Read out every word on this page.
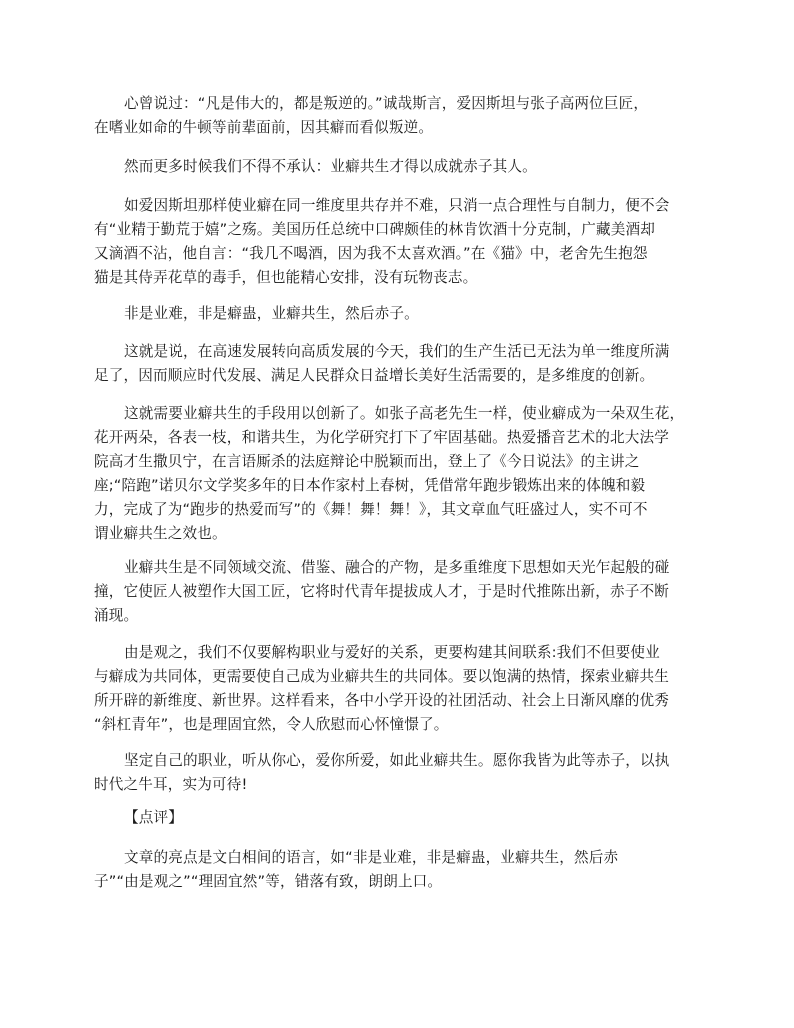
心曾说过：“凡是伟大的，都是叛逆的。”诚哉斯言，爱因斯坦与张子高两位巨匠，
在嗜业如命的牛顿等前辈面前，因其癖而看似叛逆。

然而更多时候我们不得不承认：业癖共生才得以成就赤子其人。

如爱因斯坦那样使业癖在同一维度里共存并不难，只消一点合理性与自制力，便不会
有“业精于勤荒于嬉”之殇。美国历任总统中口碑颇佳的林肯饮酒十分克制，广藏美酒却
又滴酒不沾，他自言：“我几不喝酒，因为我不太喜欢酒。”在《猫》中，老舍先生抱怨
猫是其侍弄花草的毒手，但也能精心安排，没有玩物丧志。

非是业难，非是癖蛊，业癖共生，然后赤子。

这就是说，在高速发展转向高质发展的今天，我们的生产生活已无法为单一维度所满
足了，因而顺应时代发展、满足人民群众日益增长美好生活需要的，是多维度的创新。

这就需要业癖共生的手段用以创新了。如张子高老先生一样，使业癖成为一朵双生花，
花开两朵，各表一枝，和谐共生，为化学研究打下了牢固基础。热爱播音艺术的北大法学
院高才生撒贝宁，在言语厮杀的法庭辩论中脱颖而出，登上了《今日说法》的主讲之
座;“陪跑”诺贝尔文学奖多年的日本作家村上春树，凭借常年跑步锻炼出来的体魄和毅
力，完成了为“跑步的热爱而写”的《舞！舞！舞！》，其文章血气旺盛过人，实不可不
谓业癖共生之效也。

业癖共生是不同领域交流、借鉴、融合的产物，是多重维度下思想如天光乍起般的碰
撞，它使匠人被塑作大国工匠，它将时代青年提拔成人才，于是时代推陈出新，赤子不断
涌现。

由是观之，我们不仅要解构职业与爱好的关系，更要构建其间联系:我们不但要使业
与癖成为共同体，更需要使自己成为业癖共生的共同体。要以饱满的热情，探索业癖共生
所开辟的新维度、新世界。这样看来，各中小学开设的社团活动、社会上日渐风靡的优秀
“斜杠青年”，也是理固宜然，令人欣慰而心怀憧憬了。

坚定自己的职业，听从你心，爱你所爱，如此业癖共生。愿你我皆为此等赤子，以执
时代之牛耳，实为可待!

【点评】

文章的亮点是文白相间的语言，如“非是业难，非是癖蛊，业癖共生，然后赤
子”“由是观之”“理固宜然”等，错落有致，朗朗上口。
